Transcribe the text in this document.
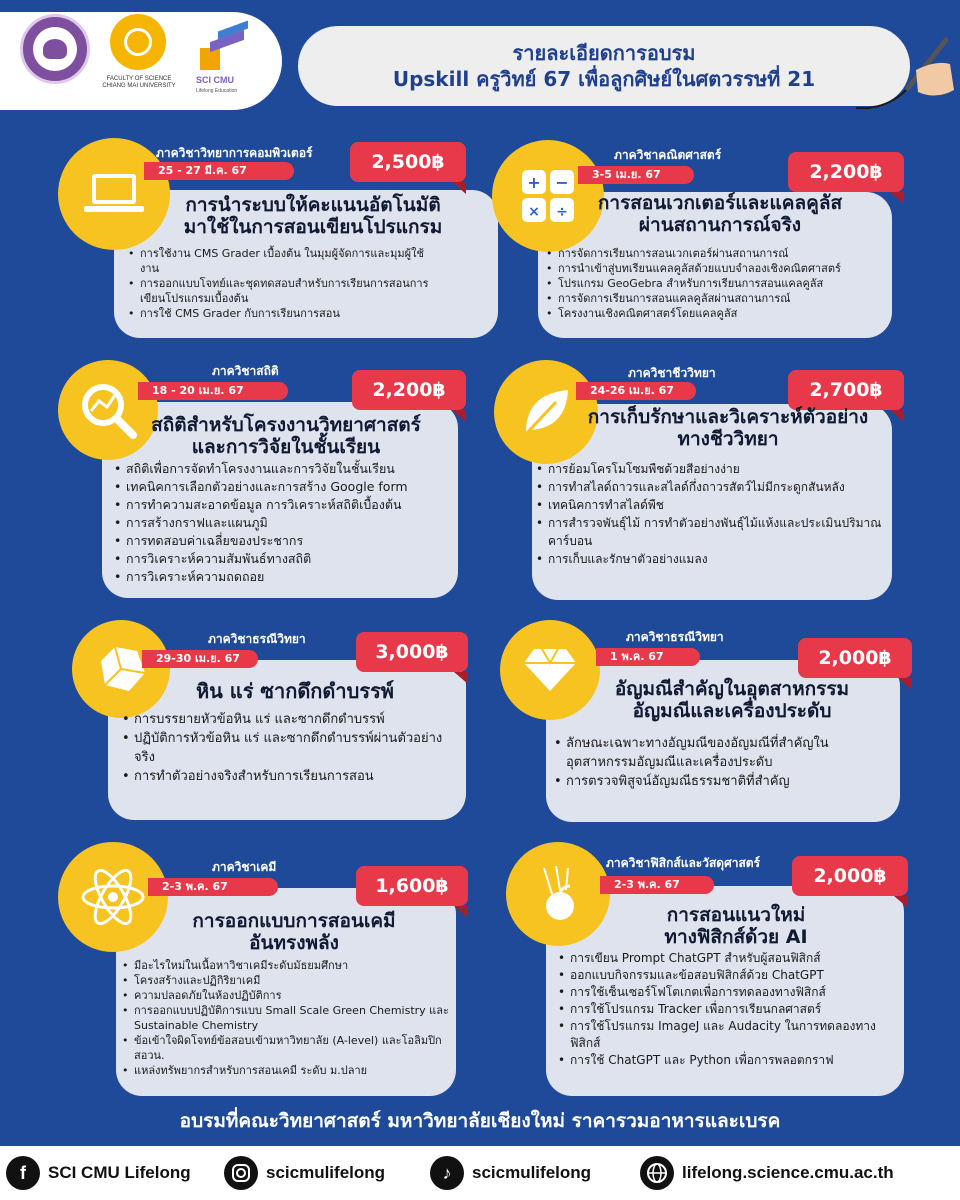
FACULTY OF SCIENCE CHIANG MAI UNIVERSITY
SCI CMU
Lifelong Education
รายละเอียดการอบรม
Upskill ครูวิทย์ 67 เพื่อลูกศิษย์ในศตวรรษที่ 21
ภาควิชาวิทยาการคอมพิวเตอร์
25 - 27 มี.ค. 67	2,500฿
การนำระบบให้คะแนนอัตโนมัติ
มาใช้ในการสอนเขียนโปรแกรม
• การใช้งาน CMS Grader เบื้องต้น ในมุมผู้จัดการและมุมผู้ใช้งาน
• การออกแบบโจทย์และชุดทดสอบสำหรับการเรียนการสอนการเขียนโปรแกรมเบื้องต้น
• การใช้ CMS Grader กับการเรียนการสอน
+ −
× ÷
ภาควิชาคณิตศาสตร์
3-5 เม.ย. 67	2,200฿
การสอนเวกเตอร์และแคลคูลัส
ผ่านสถานการณ์จริง
• การจัดการเรียนการสอนเวกเตอร์ผ่านสถานการณ์
• การนำเข้าสู่บทเรียนแคลคูลัสด้วยแบบจำลองเชิงคณิตศาสตร์
• โปรแกรม GeoGebra สำหรับการเรียนการสอนแคลคูลัส
• การจัดการเรียนการสอนแคลคูลัสผ่านสถานการณ์
• โครงงานเชิงคณิตศาสตร์โดยแคลคูลัส
ภาควิชาสถิติ
18 - 20 เม.ย. 67	2,200฿
สถิติสำหรับโครงงานวิทยาศาสตร์
และการวิจัยในชั้นเรียน
• สถิติเพื่อการจัดทำโครงงานและการวิจัยในชั้นเรียน
• เทคนิคการเลือกตัวอย่างและการสร้าง Google form
• การทำความสะอาดข้อมูล การวิเคราะห์สถิติเบื้องต้น
• การสร้างกราฟและแผนภูมิ
• การทดสอบค่าเฉลี่ยของประชากร
• การวิเคราะห์ความสัมพันธ์ทางสถิติ
• การวิเคราะห์ความถดถอย
ภาควิชาชีววิทยา
24-26 เม.ย. 67	2,700฿
การเก็บรักษาและวิเคราะห์ตัวอย่าง
ทางชีววิทยา
• การย้อมโครโมโซมพืชด้วยสีอย่างง่าย
• การทำสไลด์ถาวรและสไลด์กึ่งถาวรสัตว์ไม่มีกระดูกสันหลัง
• เทคนิคการทำสไลด์พืช
• การสำรวจพันธุ์ไม้ การทำตัวอย่างพันธุ์ไม้แห้งและประเมินปริมาณคาร์บอน
• การเก็บและรักษาตัวอย่างแมลง
ภาควิชาธรณีวิทยา
29-30 เม.ย. 67	3,000฿
หิน แร่ ซากดึกดำบรรพ์
• การบรรยายหัวข้อหิน แร่ และซากดึกดำบรรพ์
• ปฏิบัติการหัวข้อหิน แร่ และซากดึกดำบรรพ์ผ่านตัวอย่างจริง
• การทำตัวอย่างจริงสำหรับการเรียนการสอน
ภาควิชาธรณีวิทยา
1 พ.ค. 67	2,000฿
อัญมณีสำคัญในอุตสาหกรรม
อัญมณีและเครื่องประดับ
• ลักษณะเฉพาะทางอัญมณีของอัญมณีที่สำคัญในอุตสาหกรรมอัญมณีและเครื่องประดับ
• การตรวจพิสูจน์อัญมณีธรรมชาติที่สำคัญ
ภาควิชาเคมี
2-3 พ.ค. 67	1,600฿
การออกแบบการสอนเคมี
อันทรงพลัง
• มีอะไรใหม่ในเนื้อหาวิชาเคมีระดับมัธยมศึกษา
• โครงสร้างและปฏิกิริยาเคมี
• ความปลอดภัยในห้องปฏิบัติการ
• การออกแบบปฏิบัติการแบบ Small Scale Green Chemistry และ Sustainable Chemistry
• ข้อเข้าใจผิดโจทย์ข้อสอบเข้ามหาวิทยาลัย (A-level) และโอลิมปิก สอวน.
• แหล่งทรัพยากรสำหรับการสอนเคมี ระดับ ม.ปลาย
ภาควิชาฟิสิกส์และวัสดุศาสตร์
2-3 พ.ค. 67	2,000฿
การสอนแนวใหม่
ทางฟิสิกส์ด้วย AI
• การเขียน Prompt ChatGPT สำหรับผู้สอนฟิสิกส์
• ออกแบบกิจกรรมและข้อสอบฟิสิกส์ด้วย ChatGPT
• การใช้เซ็นเซอร์โฟโตเกตเพื่อการทดลองทางฟิสิกส์
• การใช้โปรแกรม Tracker เพื่อการเรียนกลศาสตร์
• การใช้โปรแกรม ImageJ และ Audacity ในการทดลองทางฟิสิกส์
• การใช้ ChatGPT และ Python เพื่อการพลอตกราฟ
อบรมที่คณะวิทยาศาสตร์ มหาวิทยาลัยเชียงใหม่ ราคารวมอาหารและเบรค
f	SCI CMU Lifelong	scicmulifelong	♪	scicmulifelong	lifelong.science.cmu.ac.th
